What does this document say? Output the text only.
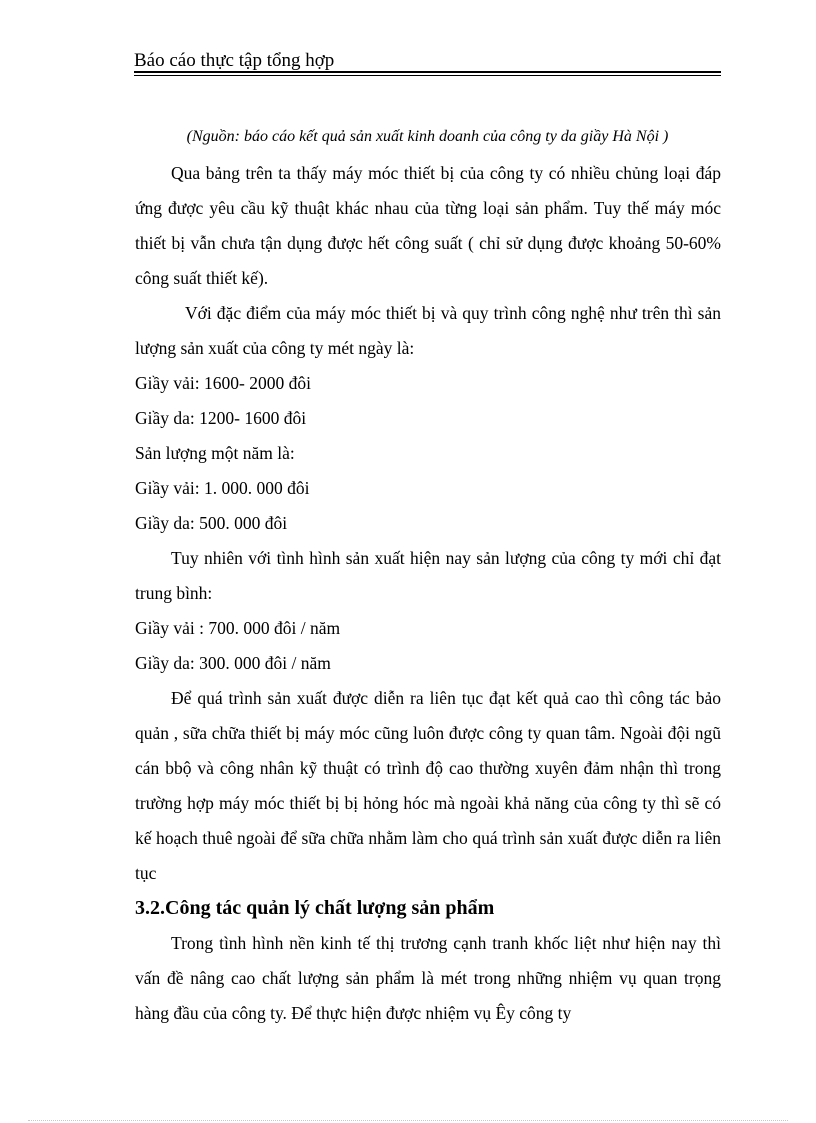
Báo cáo thực tập tổng hợp
(Nguồn: báo cáo kết quả sản xuất kinh doanh của công ty da giầy Hà Nội )

Qua bảng trên ta thấy máy móc thiết bị của công ty có nhiều chủng loại đáp ứng được yêu cầu kỹ thuật khác nhau của từng loại sản phẩm. Tuy thế máy móc thiết bị vẫn chưa tận dụng được hết công suất ( chỉ sử dụng được khoảng 50-60% công suất thiết kế).

Với đặc điểm của máy móc thiết bị và quy trình công nghệ như trên thì sản lượng sản xuất của công ty mét ngày là:

Giầy vải: 1600- 2000 đôi

Giầy da: 1200- 1600 đôi

Sản lượng một năm là:

Giầy vải: 1. 000. 000 đôi

Giầy da: 500. 000 đôi

Tuy nhiên với tình hình sản xuất hiện nay sản lượng của công ty mới chỉ đạt trung bình:

Giầy vải : 700. 000 đôi / năm

Giầy da: 300. 000 đôi / năm

Để quá trình sản xuất được diễn ra liên tục đạt kết quả cao thì công tác bảo quản , sữa chữa thiết bị máy móc cũng luôn được công ty quan tâm. Ngoài đội ngũ cán bbộ và công nhân kỹ thuật có trình độ cao thường xuyên đảm nhận thì trong trường hợp máy móc thiết bị bị hỏng hóc mà ngoài khả năng của công ty thì sẽ có kế hoạch thuê ngoài để sữa chữa nhằm làm cho quá trình sản xuất được diễn ra liên tục

3.2.Công tác quản lý chất lượng sản phẩm

Trong tình hình nền kinh tế thị trương cạnh tranh khốc liệt như hiện nay thì vấn đề nâng cao chất lượng sản phẩm là mét trong những nhiệm vụ quan trọng hàng đầu của công ty. Để thực hiện được nhiệm vụ Êy công ty
